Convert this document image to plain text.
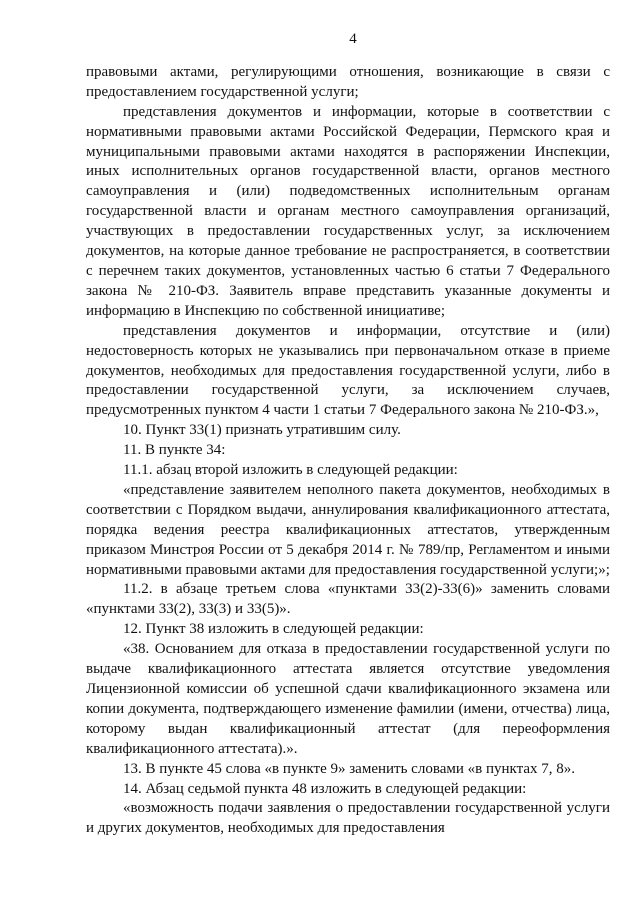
4

правовыми актами, регулирующими отношения, возникающие в связи с предоставлением государственной услуги;

представления документов и информации, которые в соответствии с нормативными правовыми актами Российской Федерации, Пермского края и муниципальными правовыми актами находятся в распоряжении Инспекции, иных исполнительных органов государственной власти, органов местного самоуправления и (или) подведомственных исполнительным органам государственной власти и органам местного самоуправления организаций, участвующих в предоставлении государственных услуг, за исключением документов, на которые данное требование не распространяется, в соответствии с перечнем таких документов, установленных частью 6 статьи 7 Федерального закона № 210-ФЗ. Заявитель вправе представить указанные документы и информацию в Инспекцию по собственной инициативе;

представления документов и информации, отсутствие и (или) недостоверность которых не указывались при первоначальном отказе в приеме документов, необходимых для предоставления государственной услуги, либо в предоставлении государственной услуги, за исключением случаев, предусмотренных пунктом 4 части 1 статьи 7 Федерального закона № 210-ФЗ.»,

10. Пункт 33(1) признать утратившим силу.

11. В пункте 34:

11.1. абзац второй изложить в следующей редакции:

«представление заявителем неполного пакета документов, необходимых в соответствии с Порядком выдачи, аннулирования квалификационного аттестата, порядка ведения реестра квалификационных аттестатов, утвержденным приказом Минстроя России от 5 декабря 2014 г. № 789/пр, Регламентом и иными нормативными правовыми актами для предоставления государственной услуги;»;

11.2. в абзаце третьем слова «пунктами 33(2)-33(6)» заменить словами «пунктами 33(2), 33(3) и 33(5)».

12. Пункт 38 изложить в следующей редакции:

«38. Основанием для отказа в предоставлении государственной услуги по выдаче квалификационного аттестата является отсутствие уведомления Лицензионной комиссии об успешной сдачи квалификационного экзамена или копии документа, подтверждающего изменение фамилии (имени, отчества) лица, которому выдан квалификационный аттестат (для переоформления квалификационного аттестата).».

13. В пункте 45 слова «в пункте 9» заменить словами «в пунктах 7, 8».

14. Абзац седьмой пункта 48 изложить в следующей редакции:

«возможность подачи заявления о предоставлении государственной услуги и других документов, необходимых для предоставления
